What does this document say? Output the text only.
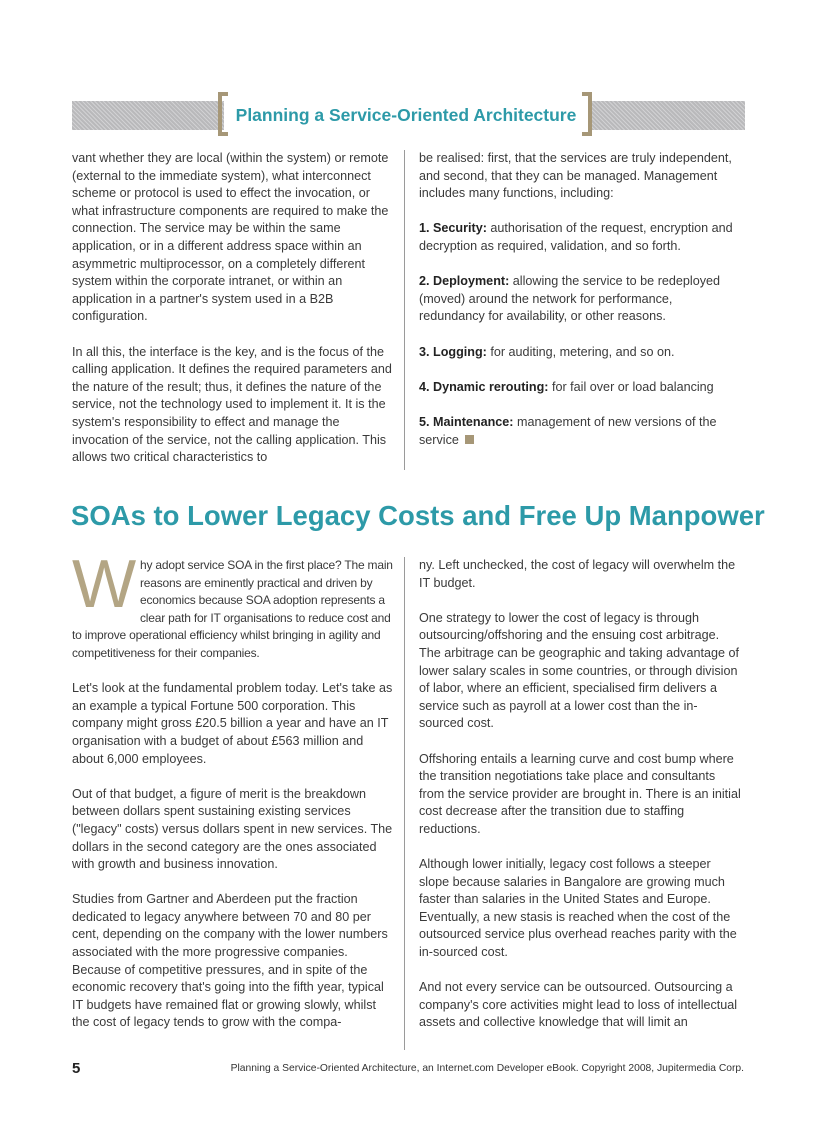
Planning a Service-Oriented Architecture

vant whether they are local (within the system) or remote (external to the immediate system), what interconnect scheme or protocol is used to effect the invocation, or what infrastructure components are required to make the connection. The service may be within the same application, or in a different address space within an asymmetric multiprocessor, on a completely different system within the corporate intranet, or within an application in a partner's system used in a B2B configuration.

In all this, the interface is the key, and is the focus of the calling application. It defines the required parameters and the nature of the result; thus, it defines the nature of the service, not the technology used to implement it. It is the system's responsibility to effect and manage the invocation of the service, not the calling application. This allows two critical characteristics to

be realised: first, that the services are truly independent, and second, that they can be managed. Management includes many functions, including:

1. Security: authorisation of the request, encryption and decryption as required, validation, and so forth.

2. Deployment: allowing the service to be redeployed (moved) around the network for performance, redundancy for availability, or other reasons.

3. Logging: for auditing, metering, and so on.

4. Dynamic rerouting: for fail over or load balancing

5. Maintenance: management of new versions of the service

SOAs to Lower Legacy Costs and Free Up Manpower

Why adopt service SOA in the first place? The main reasons are eminently practical and driven by economics because SOA adoption represents a clear path for IT organisations to reduce cost and to improve operational efficiency whilst bringing in agility and competitiveness for their companies.

Let's look at the fundamental problem today. Let's take as an example a typical Fortune 500 corporation. This company might gross £20.5 billion a year and have an IT organisation with a budget of about £563 million and about 6,000 employees.

Out of that budget, a figure of merit is the breakdown between dollars spent sustaining existing services ("legacy" costs) versus dollars spent in new services. The dollars in the second category are the ones associated with growth and business innovation.

Studies from Gartner and Aberdeen put the fraction dedicated to legacy anywhere between 70 and 80 per cent, depending on the company with the lower numbers associated with the more progressive companies. Because of competitive pressures, and in spite of the economic recovery that's going into the fifth year, typical IT budgets have remained flat or growing slowly, whilst the cost of legacy tends to grow with the compa-

ny. Left unchecked, the cost of legacy will overwhelm the IT budget.

One strategy to lower the cost of legacy is through outsourcing/offshoring and the ensuing cost arbitrage. The arbitrage can be geographic and taking advantage of lower salary scales in some countries, or through division of labor, where an efficient, specialised firm delivers a service such as payroll at a lower cost than the in-sourced cost.

Offshoring entails a learning curve and cost bump where the transition negotiations take place and consultants from the service provider are brought in. There is an initial cost decrease after the transition due to staffing reductions.

Although lower initially, legacy cost follows a steeper slope because salaries in Bangalore are growing much faster than salaries in the United States and Europe. Eventually, a new stasis is reached when the cost of the outsourced service plus overhead reaches parity with the in-sourced cost.

And not every service can be outsourced. Outsourcing a company's core activities might lead to loss of intellectual assets and collective knowledge that will limit an

5	Planning a Service-Oriented Architecture, an Internet.com Developer eBook. Copyright 2008, Jupitermedia Corp.
